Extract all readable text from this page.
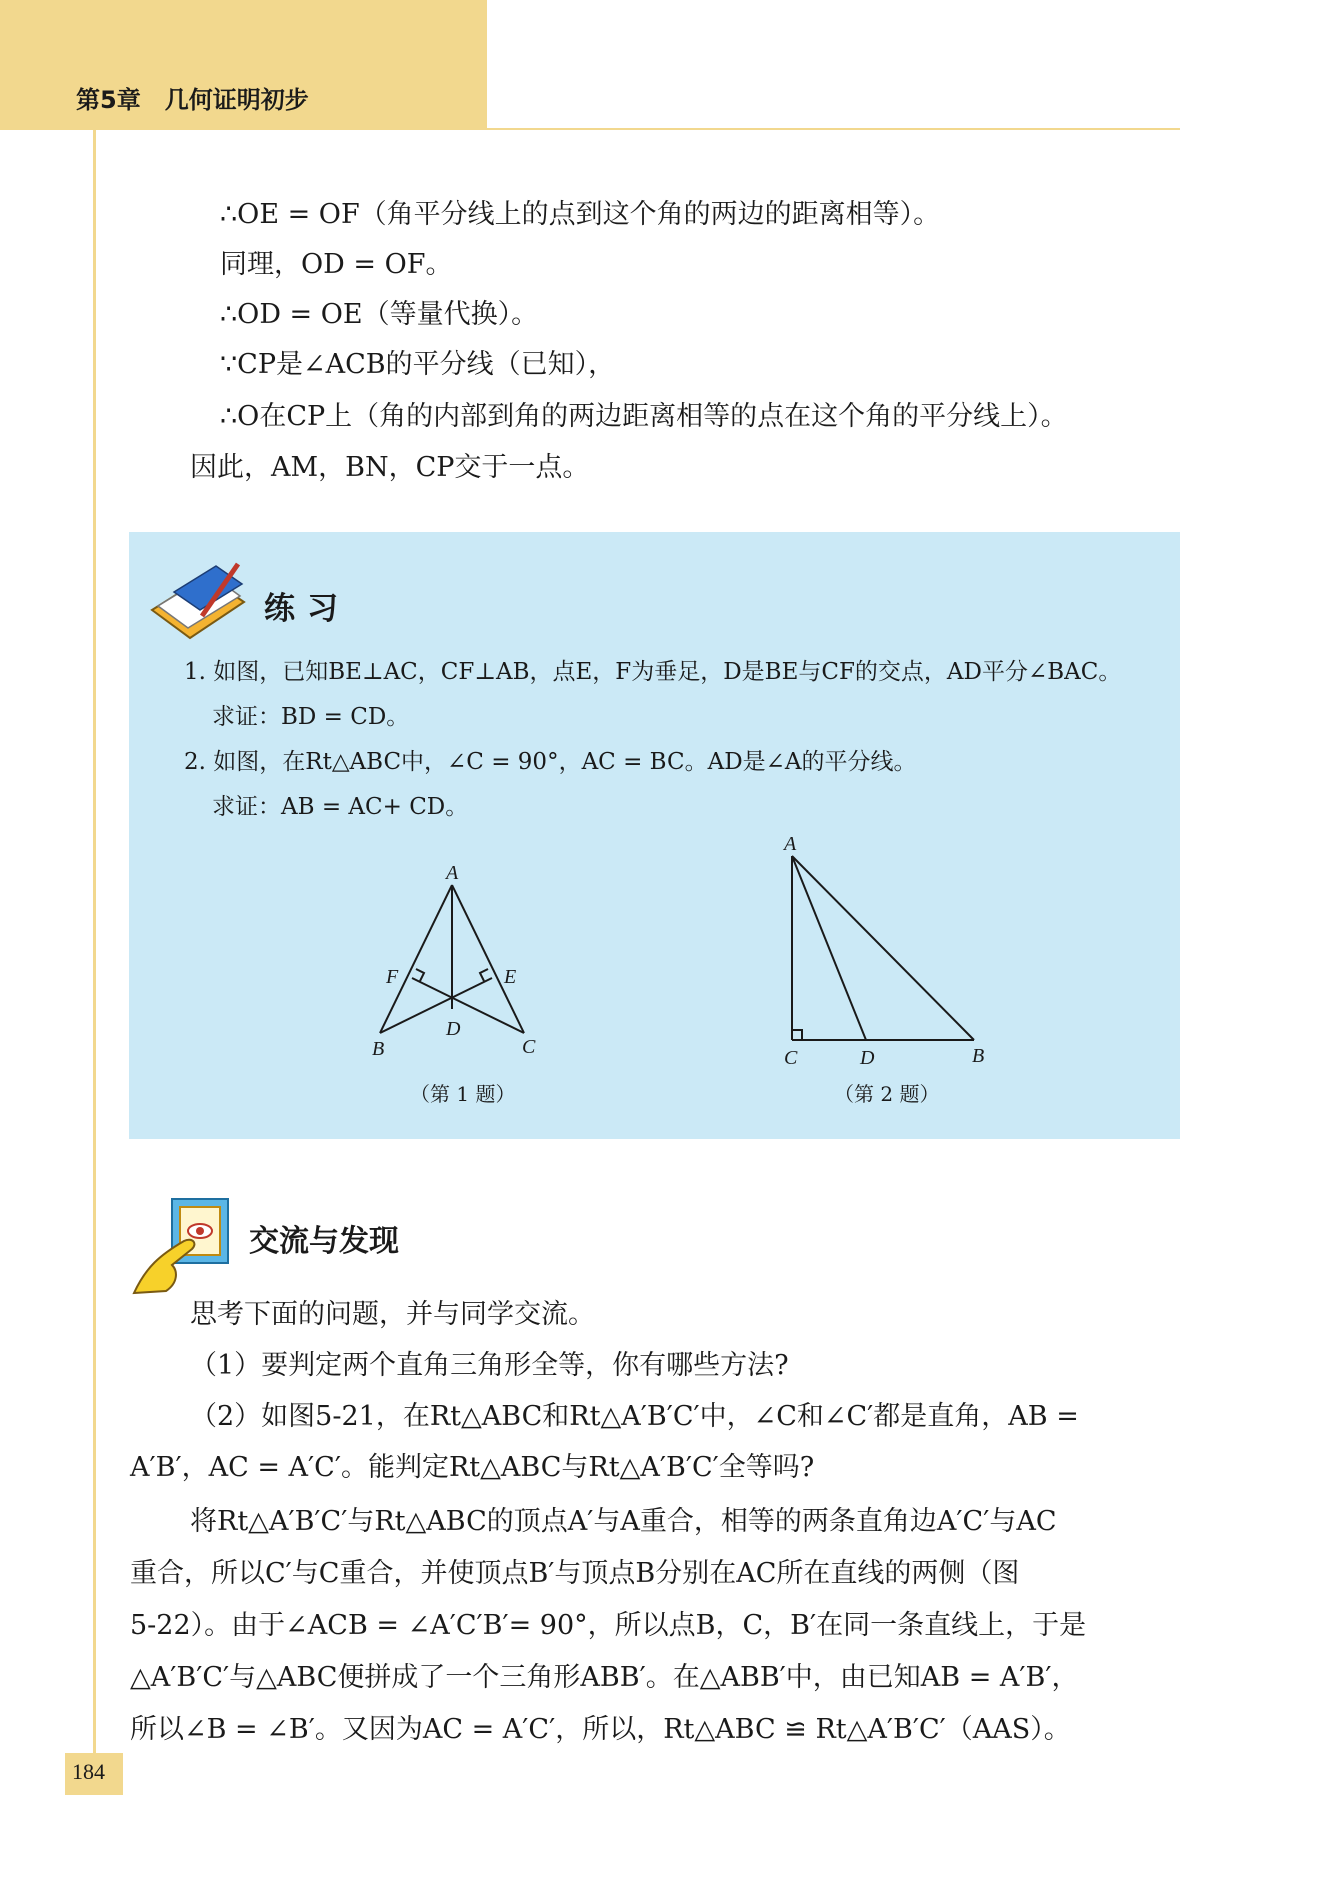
第5章　几何证明初步
∴OE = OF（角平分线上的点到这个角的两边的距离相等）。
同理，OD = OF。
∴OD = OE（等量代换）。
∵CP是∠ACB的平分线（已知），
∴O在CP上（角的内部到角的两边距离相等的点在这个角的平分线上）。
因此，AM，BN，CP交于一点。
练习
1. 如图，已知BE⊥AC，CF⊥AB，点E，F为垂足，D是BE与CF的交点，AD平分∠BAC。
求证：BD = CD。
2. 如图，在Rt△ABC中，∠C = 90°，AC = BC。AD是∠A的平分线。
求证：AB = AC+ CD。
A
F	E
D
B	C
（第 1 题）
A
C	D	B
（第 2 题）
交流与发现
思考下面的问题，并与同学交流。
（1）要判定两个直角三角形全等，你有哪些方法?
（2）如图5-21，在Rt△ABC和Rt△A′B′C′中，∠C和∠C′都是直角，AB =
A′B′，AC = A′C′。能判定Rt△ABC与Rt△A′B′C′全等吗?
将Rt△A′B′C′与Rt△ABC的顶点A′与A重合，相等的两条直角边A′C′与AC
重合，所以C′与C重合，并使顶点B′与顶点B分别在AC所在直线的两侧（图
5-22）。由于∠ACB = ∠A′C′B′= 90°，所以点B，C，B′在同一条直线上，于是
△A′B′C′与△ABC便拼成了一个三角形ABB′。在△ABB′中，由已知AB = A′B′，
所以∠B = ∠B′。又因为AC = A′C′，所以，Rt△ABC ≌ Rt△A′B′C′（AAS）。
184
